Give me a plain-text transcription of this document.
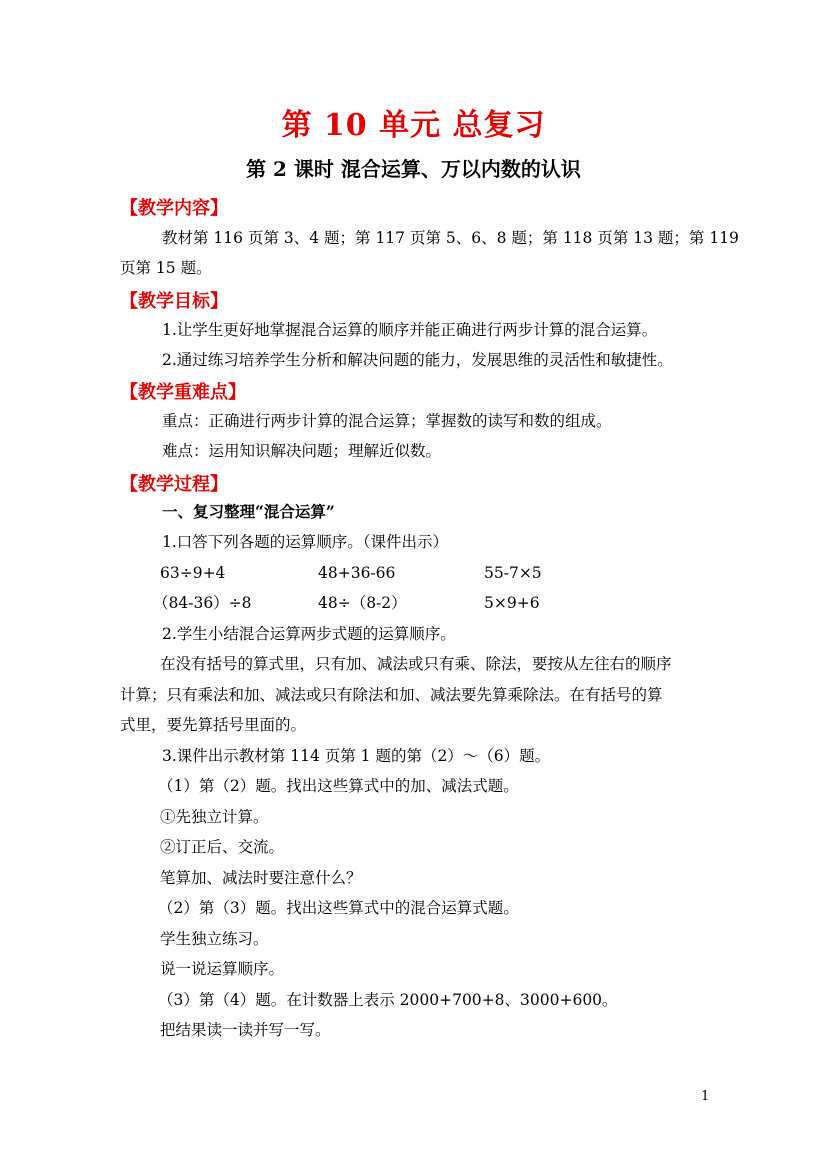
第 10 单元 总复习
第 2 课时 混合运算、万以内数的认识
【教学内容】
教材第 116 页第 3、4 题；第 117 页第 5、6、8 题；第 118 页第 13 题；第 119
页第 15 题。
【教学目标】
1.让学生更好地掌握混合运算的顺序并能正确进行两步计算的混合运算。
2.通过练习培养学生分析和解决问题的能力，发展思维的灵活性和敏捷性。
【教学重难点】
重点：正确进行两步计算的混合运算；掌握数的读写和数的组成。
难点：运用知识解决问题；理解近似数。
【教学过程】
一、复习整理“混合运算”
1.口答下列各题的运算顺序。（课件出示）
63÷9+4	48+36-66	55-7×5
（84-36）÷8	48÷（8-2）	5×9+6
2.学生小结混合运算两步式题的运算顺序。
在没有括号的算式里，只有加、减法或只有乘、除法，要按从左往右的顺序
计算；只有乘法和加、减法或只有除法和加、减法要先算乘除法。在有括号的算
式里，要先算括号里面的。
3.课件出示教材第 114 页第 1 题的第（2）～（6）题。
（1）第（2）题。找出这些算式中的加、减法式题。
①先独立计算。
②订正后、交流。
笔算加、减法时要注意什么？
（2）第（3）题。找出这些算式中的混合运算式题。
学生独立练习。
说一说运算顺序。
（3）第（4）题。在计数器上表示 2000+700+8、3000+600。
把结果读一读并写一写。
1
